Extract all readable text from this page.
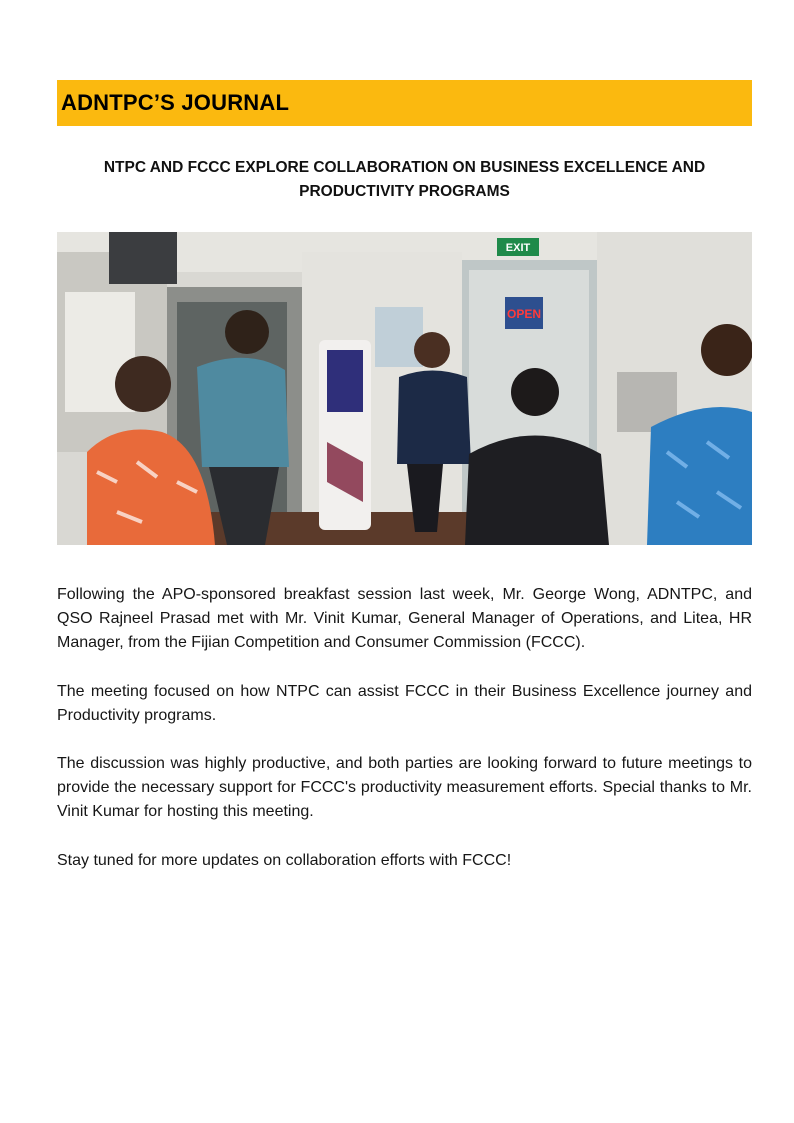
ADNTPC’S JOURNAL
NTPC AND FCCC EXPLORE COLLABORATION ON BUSINESS EXCELLENCE AND PRODUCTIVITY PROGRAMS
OPEN
EXIT

Following the APO-sponsored breakfast session last week, Mr. George Wong, ADNTPC, and QSO Rajneel Prasad met with Mr. Vinit Kumar, General Manager of Operations, and Litea, HR Manager, from the Fijian Competition and Consumer Commission (FCCC).

The meeting focused on how NTPC can assist FCCC in their Business Excellence journey and Productivity programs.

The discussion was highly productive, and both parties are looking forward to future meetings to provide the necessary support for FCCC's productivity measurement efforts. Special thanks to Mr. Vinit Kumar for hosting this meeting.

Stay tuned for more updates on collaboration efforts with FCCC!
